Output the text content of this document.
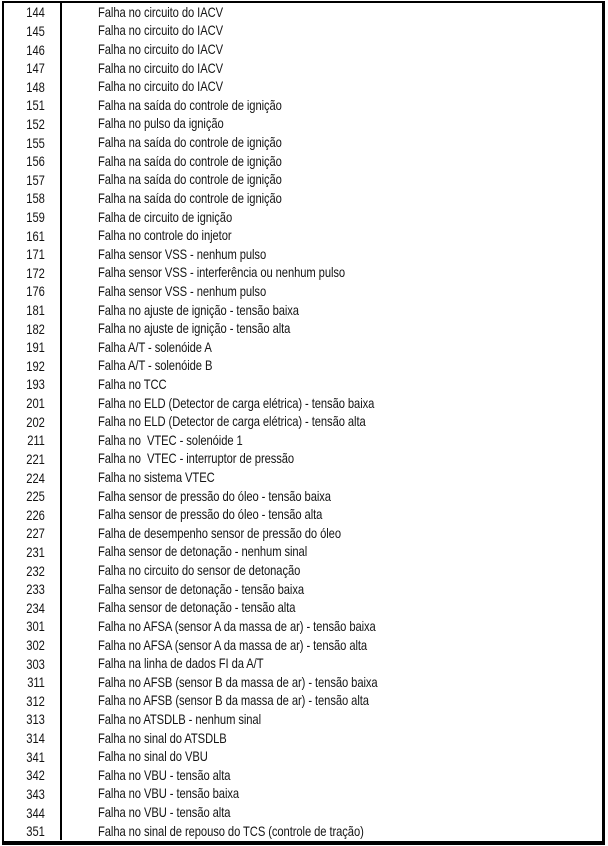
144	Falha no circuito do IACV

145	Falha no circuito do IACV

146	Falha no circuito do IACV

147	Falha no circuito do IACV

148	Falha no circuito do IACV

151	Falha na saída do controle de ignição

152	Falha no pulso da ignição

155	Falha na saída do controle de ignição

156	Falha na saída do controle de ignição

157	Falha na saída do controle de ignição

158	Falha na saída do controle de ignição

159	Falha de circuito de ignição

161	Falha no controle do injetor

171	Falha sensor VSS - nenhum pulso

172	Falha sensor VSS - interferência ou nenhum pulso

176	Falha sensor VSS - nenhum pulso

181	Falha no ajuste de ignição - tensão baixa

182	Falha no ajuste de ignição - tensão alta

191	Falha A/T - solenóide A

192	Falha A/T - solenóide B

193	Falha no TCC

201	Falha no ELD (Detector de carga elétrica) - tensão baixa

202	Falha no ELD (Detector de carga elétrica) - tensão alta

211	Falha no  VTEC - solenóide 1

221	Falha no  VTEC - interruptor de pressão

224	Falha no sistema VTEC

225	Falha sensor de pressão do óleo - tensão baixa

226	Falha sensor de pressão do óleo - tensão alta

227	Falha de desempenho sensor de pressão do óleo

231	Falha sensor de detonação - nenhum sinal

232	Falha no circuito do sensor de detonação

233	Falha sensor de detonação - tensão baixa

234	Falha sensor de detonação - tensão alta

301	Falha no AFSA (sensor A da massa de ar) - tensão baixa

302	Falha no AFSA (sensor A da massa de ar) - tensão alta

303	Falha na linha de dados FI da A/T

311	Falha no AFSB (sensor B da massa de ar) - tensão baixa

312	Falha no AFSB (sensor B da massa de ar) - tensão alta

313	Falha no ATSDLB - nenhum sinal

314	Falha no sinal do ATSDLB

341	Falha no sinal do VBU

342	Falha no VBU - tensão alta

343	Falha no VBU - tensão baixa

344	Falha no VBU - tensão alta

351	Falha no sinal de repouso do TCS (controle de tração)
